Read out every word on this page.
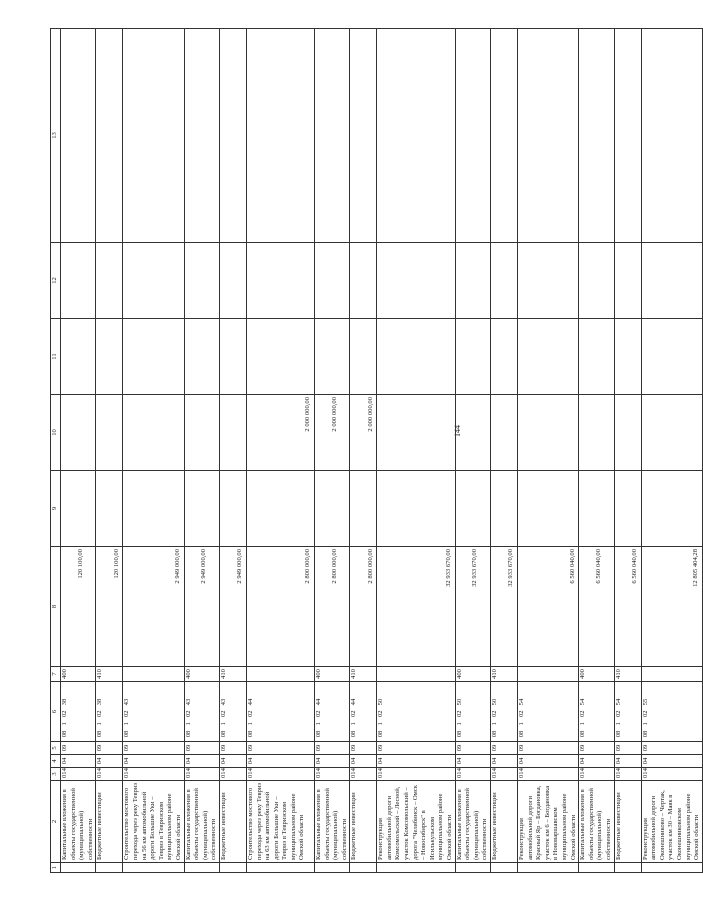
144
1	2	3	4	5	6	7	8	9	10	11	12	13
	Капитальные вложения в объекты государственной (муниципальной) собственности	014	04	09	08 1 02 38	400	120 100,00					

	Бюджетные инвестиции	014	04	09	08 1 02 38	410	120 100,00					

	Строительство мостового перехода через реку Тевриз на 56 км автомобильной дороги Большие Уки – Тевриз в Тевризском муниципальном районе Омской области	014	04	09	08 1 02 43		2 949 000,00					

	Капитальные вложения в объекты государственной (муниципальной) собственности	014	04	09	08 1 02 43	400	2 949 000,00					

	Бюджетные инвестиции	014	04	09	08 1 02 43	410	2 949 000,00					

	Строительство мостового перехода через реку Тевриз на 63 км автомобильной дороги Большие Уки – Тевриз в Тевризском муниципальном районе Омской области	014	04	09	08 1 02 44		2 800 000,00		2 000 000,00			

	Капитальные вложения в объекты государственной (муниципальной) собственности	014	04	09	08 1 02 44	400	2 800 000,00		2 000 000,00			

	Бюджетные инвестиции	014	04	09	08 1 02 44	410	2 800 000,00		2 000 000,00			

	Реконструкция автомобильной дороги Комсомольский – Лесной, участок Комсомольский – дорога "Челябинск – Омск – Новосибирск" в Исилькульском муниципальном районе Омской области	014	04	09	08 1 02 50		32 933 670,00					

	Капитальные вложения в объекты государственной (муниципальной) собственности	014	04	09	08 1 02 50	400	32 933 670,00					

	Бюджетные инвестиции	014	04	09	08 1 02 50	410	32 933 670,00					

	Реконструкция автомобильной дороги Красный Яр – Богдановка, участок км 6 – Богдановка в Нововаршавском муниципальном районе Омской области	014	04	09	08 1 02 54		6 560 040,00					

	Капитальные вложения в объекты государственной (муниципальной) собственности	014	04	09	08 1 02 54	400	6 560 040,00					

	Бюджетные инвестиции	014	04	09	08 1 02 54	410	6 560 040,00					

	Реконструкция автомобильной дороги Оконешниково – Чертак, участок км 30 – Маяк в Оконешниковском муниципальном районе Омской области	014	04	09	08 1 02 55		12 805 404,28					
